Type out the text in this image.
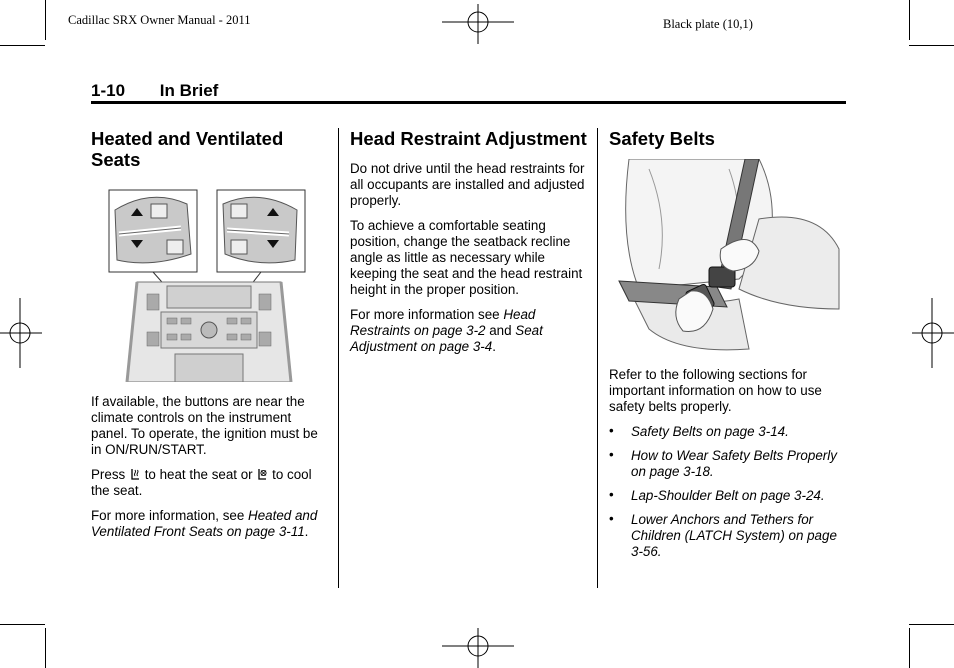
Cadillac SRX Owner Manual - 2011	Black plate (10,1)
1-10 In Brief
Heated and Ventilated Seats

If available, the buttons are near the climate controls on the instrument panel. To operate, the ignition must be in ON/RUN/START.

Press to heat the seat or to cool the seat.

For more information, see Heated and Ventilated Front Seats on page 3-11.

Head Restraint Adjustment

Do not drive until the head restraints for all occupants are installed and adjusted properly.

To achieve a comfortable seating position, change the seatback recline angle as little as necessary while keeping the seat and the head restraint height in the proper position.

For more information see Head Restraints on page 3-2 and Seat Adjustment on page 3-4.

Safety Belts

Refer to the following sections for important information on how to use safety belts properly.

• Safety Belts on page 3-14.
• How to Wear Safety Belts Properly on page 3-18.
• Lap-Shoulder Belt on page 3-24.
• Lower Anchors and Tethers for Children (LATCH System) on page 3-56.
